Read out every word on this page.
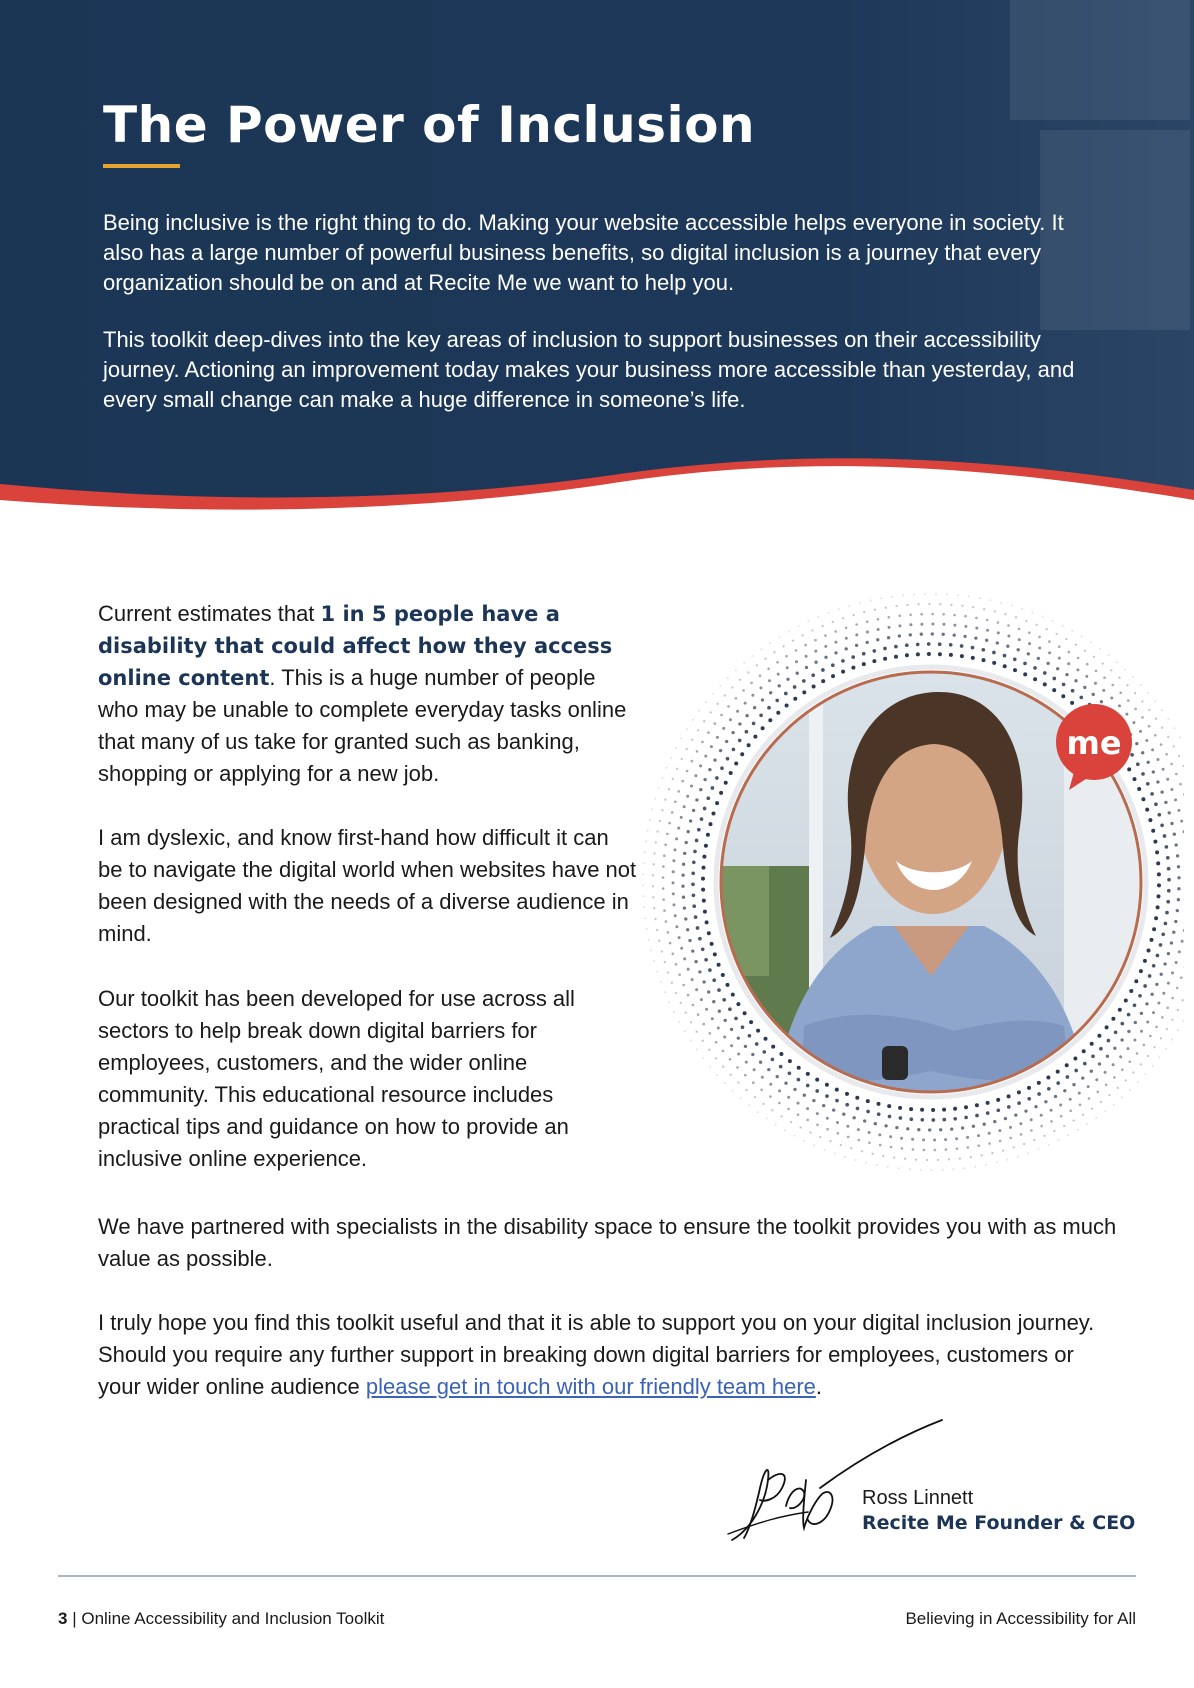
The Power of Inclusion

Being inclusive is the right thing to do. Making your website accessible helps everyone in society. It also has a large number of powerful business benefits, so digital inclusion is a journey that every organization should be on and at Recite Me we want to help you.

This toolkit deep-dives into the key areas of inclusion to support businesses on their accessibility journey. Actioning an improvement today makes your business more accessible than yesterday, and every small change can make a huge difference in someone’s life.

Current estimates that 1 in 5 people have a disability that could affect how they access online content. This is a huge number of people who may be unable to complete everyday tasks online that many of us take for granted such as banking, shopping or applying for a new job.

I am dyslexic, and know first-hand how difficult it can be to navigate the digital world when websites have not been designed with the needs of a diverse audience in mind.

Our toolkit has been developed for use across all sectors to help break down digital barriers for employees, customers, and the wider online community. This educational resource includes practical tips and guidance on how to provide an inclusive online experience.

me

We have partnered with specialists in the disability space to ensure the toolkit provides you with as much value as possible.

I truly hope you find this toolkit useful and that it is able to support you on your digital inclusion journey. Should you require any further support in breaking down digital barriers for employees, customers or your wider online audience please get in touch with our friendly team here.

Ross Linnett

Recite Me Founder & CEO

3 | Online Accessibility and Inclusion Toolkit	Believing in Accessibility for All
